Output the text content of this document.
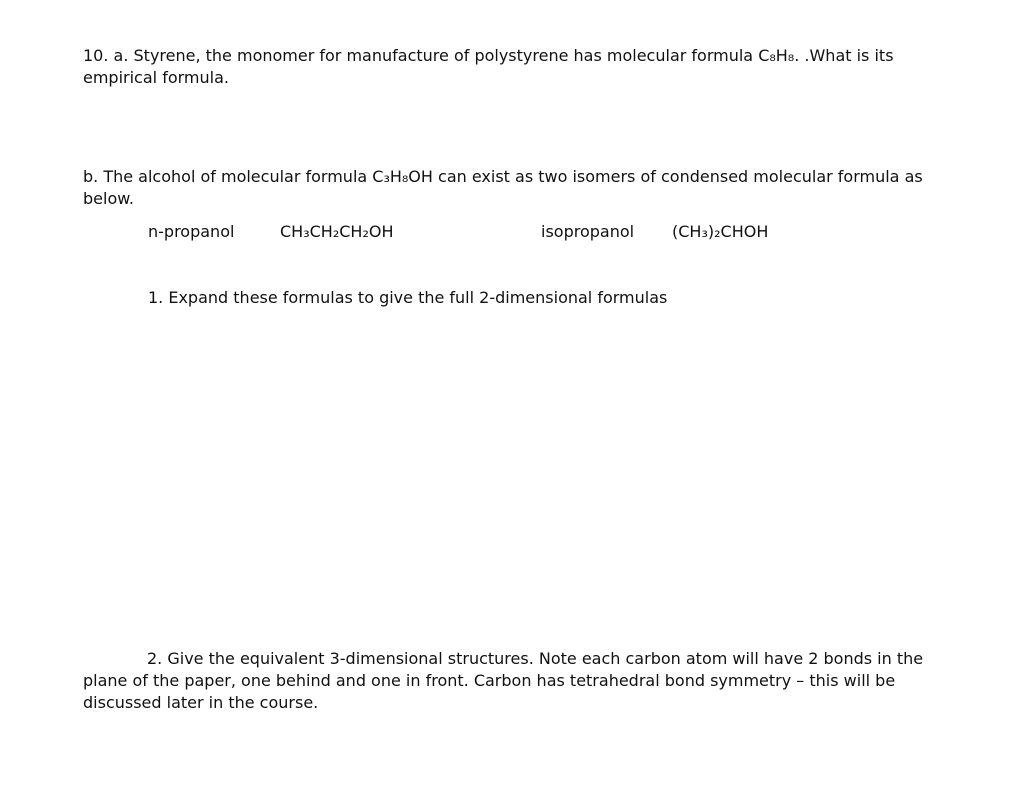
10. a. Styrene, the monomer for manufacture of polystyrene has molecular formula C₈H₈. .What is its empirical formula.

b. The alcohol of molecular formula C₃H₈OH can exist as two isomers of condensed molecular formula as below.

n-propanol	CH₃CH₂CH₂OH	isopropanol (CH₃)₂CHOH

1. Expand these formulas to give the full 2-dimensional formulas

2. Give the equivalent 3-dimensional structures. Note each carbon atom will have 2 bonds in the plane of the paper, one behind and one in front. Carbon has tetrahedral bond symmetry – this will be discussed later in the course.
